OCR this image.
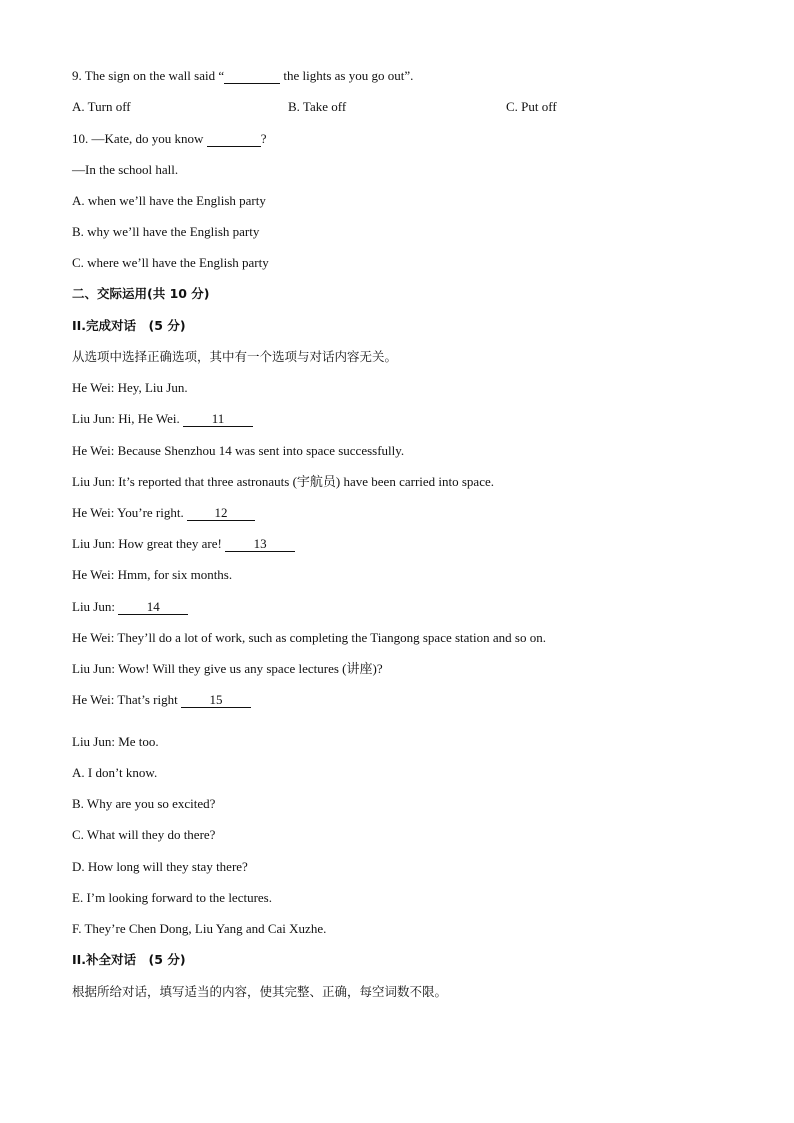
9. The sign on the wall said “	the lights as you go out”.
A. Turn off	B. Take off	C. Put off
10. —Kate, do you know	?
—In the school hall.
A. when we’ll have the English party
B. why we’ll have the English party
C. where we’ll have the English party
二、交际运用(共 10 分)
II.完成对话　(5 分)
从选项中选择正确选项，其中有一个选项与对话内容无关。
He Wei: Hey, Liu Jun.
Liu Jun: Hi, He Wei. 11
He Wei: Because Shenzhou 14 was sent into space successfully.
Liu Jun: It’s reported that three astronauts (宇航员) have been carried into space.
He Wei: You’re right. 12
Liu Jun: How great they are! 13
He Wei: Hmm, for six months.
Liu Jun: 14
He Wei: They’ll do a lot of work, such as completing the Tiangong space station and so on.
Liu Jun: Wow! Will they give us any space lectures (讲座)?
He Wei: That’s right 15
Liu Jun: Me too.
A. I don’t know.
B. Why are you so excited?
C. What will they do there?
D. How long will they stay there?
E. I’m looking forward to the lectures.
F. They’re Chen Dong, Liu Yang and Cai Xuzhe.
II.补全对话　(5 分)
根据所给对话，填写适当的内容，使其完整、正确，每空词数不限。
